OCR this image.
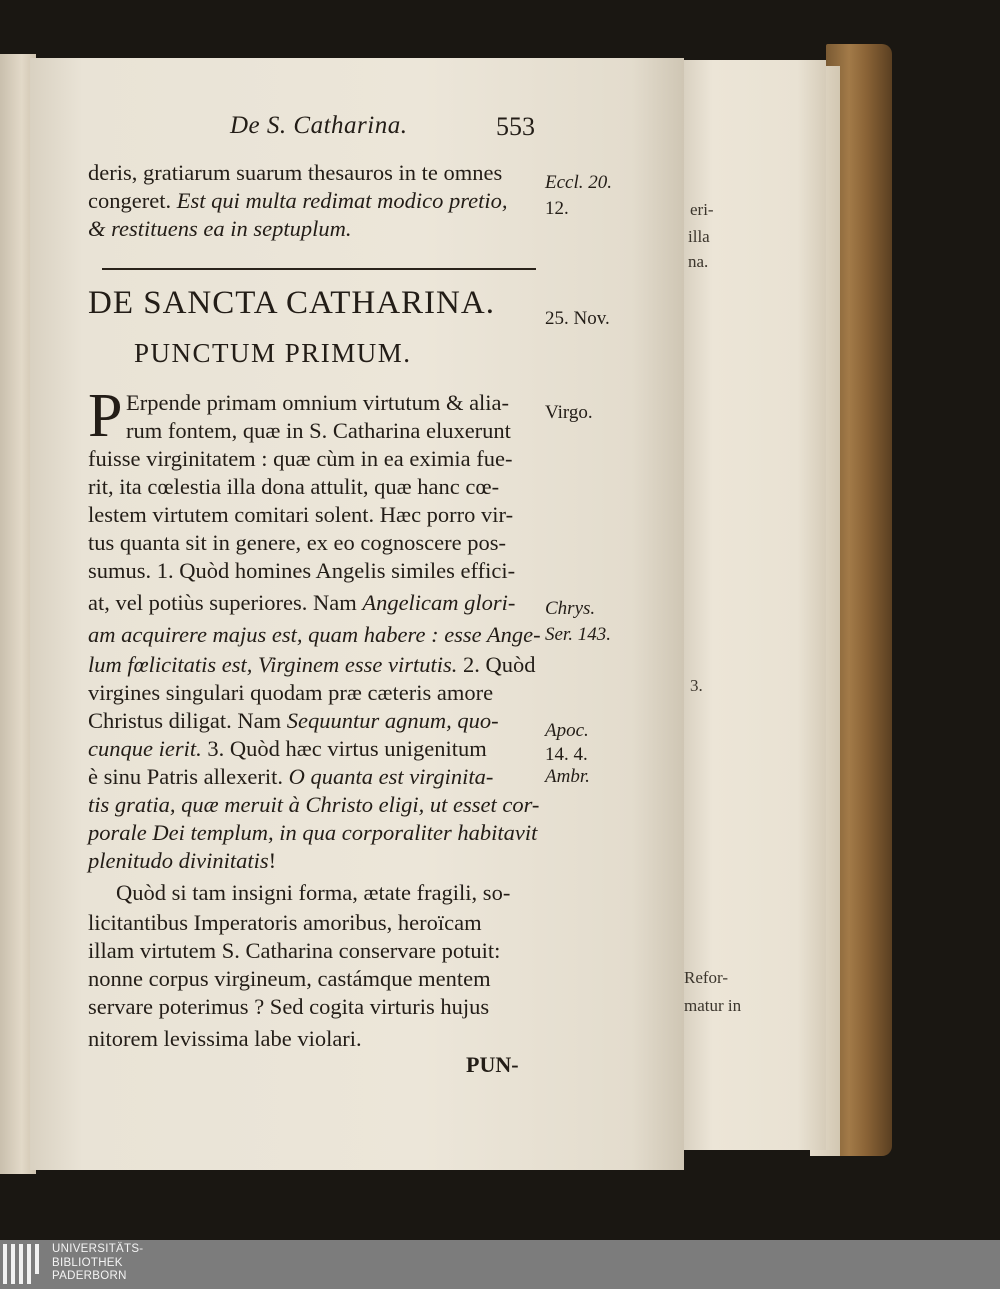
eri-
illa
na.
3.
Refor-
matur in
De S. Catharina.	553
deris, gratiarum suarum thesauros in te omnes
congeret. Est qui multa redimat modico pretio,
& restituens ea in septuplum.
DE SANCTA CATHARINA.
PUNCTUM PRIMUM.
P Erpende primam omnium virtutum & alia-
rum fontem, quæ in S. Catharina eluxerunt
fuisse virginitatem : quæ cùm in ea eximia fue-
rit, ita cœlestia illa dona attulit, quæ hanc cœ-
lestem virtutem comitari solent. Hæc porro vir-
tus quanta sit in genere, ex eo cognoscere pos-
sumus. 1. Quòd homines Angelis similes effici-
at, vel potiùs superiores. Nam Angelicam glori-
am acquirere majus est, quam habere : esse Ange-
lum fœlicitatis est, Virginem esse virtutis. 2. Quòd
virgines singulari quodam præ cæteris amore
Christus diligat. Nam Sequuntur agnum, quo-
cunque ierit. 3. Quòd hæc virtus unigenitum
è sinu Patris allexerit. O quanta est virginita-
tis gratia, quæ meruit à Christo eligi, ut esset cor-
porale Dei templum, in qua corporaliter habitavit
plenitudo divinitatis!
Quòd si tam insigni forma, ætate fragili, so-
licitantibus Imperatoris amoribus, heroïcam
illam virtutem S. Catharina conservare potuit:
nonne corpus virgineum, castámque mentem
servare poterimus ? Sed cogita virturis hujus
nitorem levissima labe violari.
PUN-
Eccl. 20.
12.
25. Nov.
Virgo.
Chrys.
Ser. 143.
Apoc.
14. 4.
Ambr.
UNIVERSITÄTS-
BIBLIOTHEK
PADERBORN
